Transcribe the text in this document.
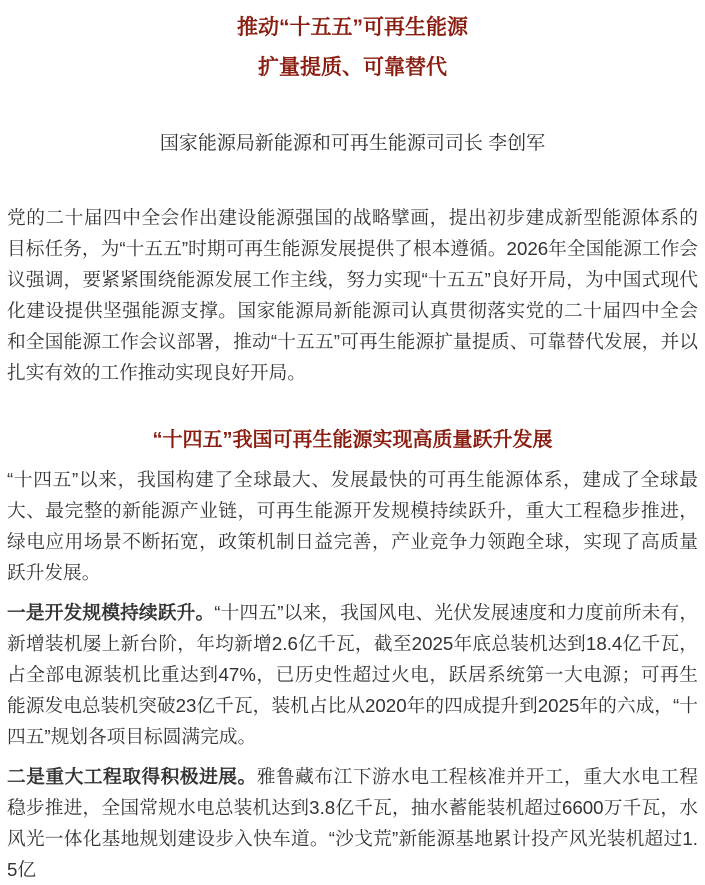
推动“十五五”可再生能源
扩量提质、可靠替代
国家能源局新能源和可再生能源司司长 李创军

党的二十届四中全会作出建设能源强国的战略擘画，提出初步建成新型能源体系的目标任务，为“十五五”时期可再生能源发展提供了根本遵循。2026年全国能源工作会议强调，要紧紧围绕能源发展工作主线，努力实现“十五五”良好开局，为中国式现代化建设提供坚强能源支撑。国家能源局新能源司认真贯彻落实党的二十届四中全会和全国能源工作会议部署，推动“十五五”可再生能源扩量提质、可靠替代发展，并以扎实有效的工作推动实现良好开局。

“十四五”我国可再生能源实现高质量跃升发展

“十四五”以来，我国构建了全球最大、发展最快的可再生能源体系，建成了全球最大、最完整的新能源产业链，可再生能源开发规模持续跃升，重大工程稳步推进，绿电应用场景不断拓宽，政策机制日益完善，产业竞争力领跑全球，实现了高质量跃升发展。

一是开发规模持续跃升。“十四五”以来，我国风电、光伏发展速度和力度前所未有，新增装机屡上新台阶，年均新增2.6亿千瓦，截至2025年底总装机达到18.4亿千瓦，占全部电源装机比重达到47%，已历史性超过火电，跃居系统第一大电源；可再生能源发电总装机突破23亿千瓦，装机占比从2020年的四成提升到2025年的六成，“十四五”规划各项目标圆满完成。

二是重大工程取得积极进展。雅鲁藏布江下游水电工程核准并开工，重大水电工程稳步推进，全国常规水电总装机达到3.8亿千瓦，抽水蓄能装机超过6600万千瓦，水风光一体化基地规划建设步入快车道。“沙戈荒”新能源基地累计投产风光装机超过1.5亿
